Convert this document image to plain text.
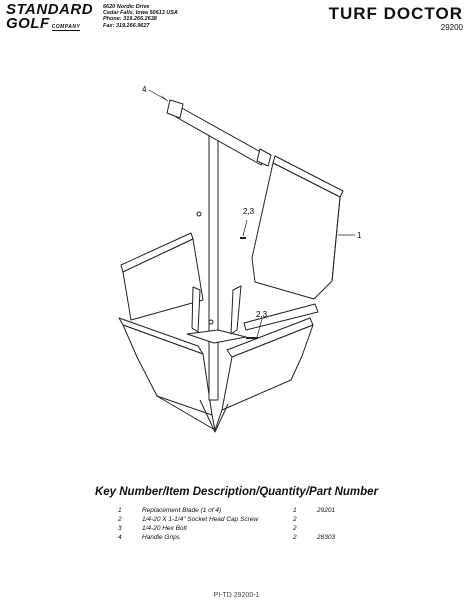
STANDARD
GOLF COMPANY
6620 Nordic Drive
Cedar Falls, Iowa 50613 USA
Phone: 319.266.2638
Fax: 319.266.9627
TURF DOCTOR
29200
4
2,3
2,3
1
Key Number/Item Description/Quantity/Part Number
1	Replacement Blade (1 of 4)	1	29201
2	1/4-20 X 1-1/4" Socket Head Cap Screw	2	
3	1/4-20 Hex Bolt	2	
4	Handle Grips	2	28303
PI-TD 29200-1
